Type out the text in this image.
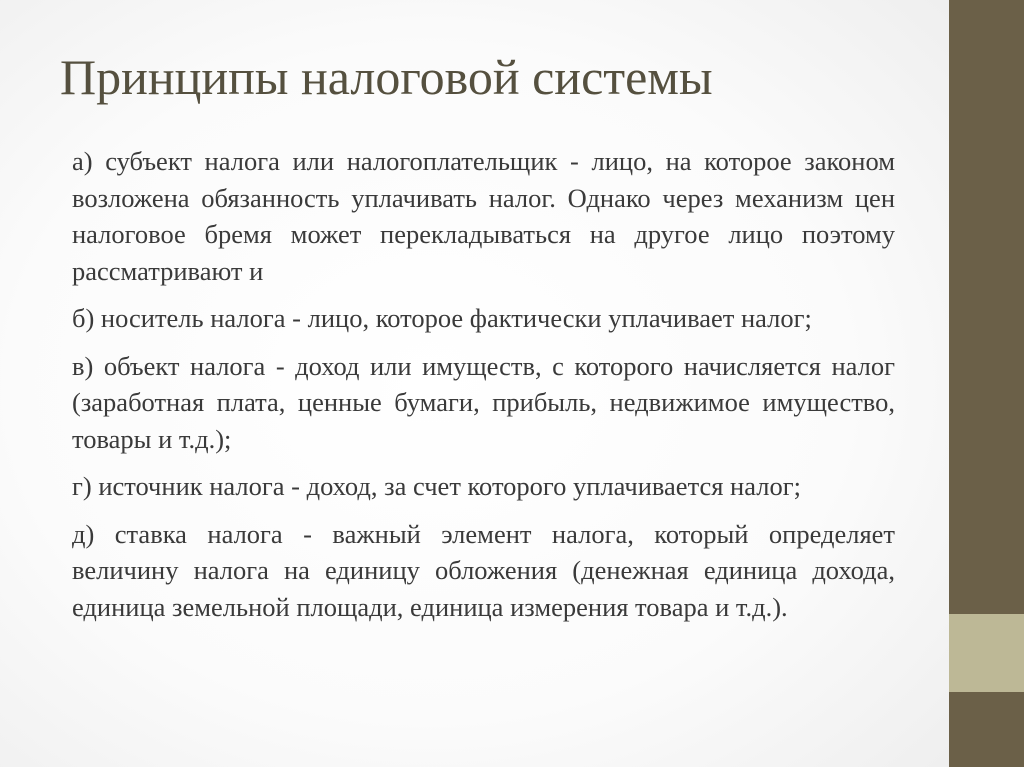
Принципы налоговой системы

а) субъект налога или налогоплательщик - лицо, на которое законом возложена обязанность уплачивать налог. Однако через механизм цен налоговое бремя может перекладываться на другое лицо поэтому рассматривают и

б) носитель налога - лицо, которое фактически уплачивает налог;

в) объект налога - доход или имуществ, с которого начисляется налог (заработная плата, ценные бумаги, прибыль, недвижимое имущество, товары и т.д.);

г) источник налога - доход, за счет которого уплачивается налог;

д) ставка налога - важный элемент налога, который определяет величину налога на единицу обложения (денежная единица дохода, единица земельной площади, единица измерения товара и т.д.).
